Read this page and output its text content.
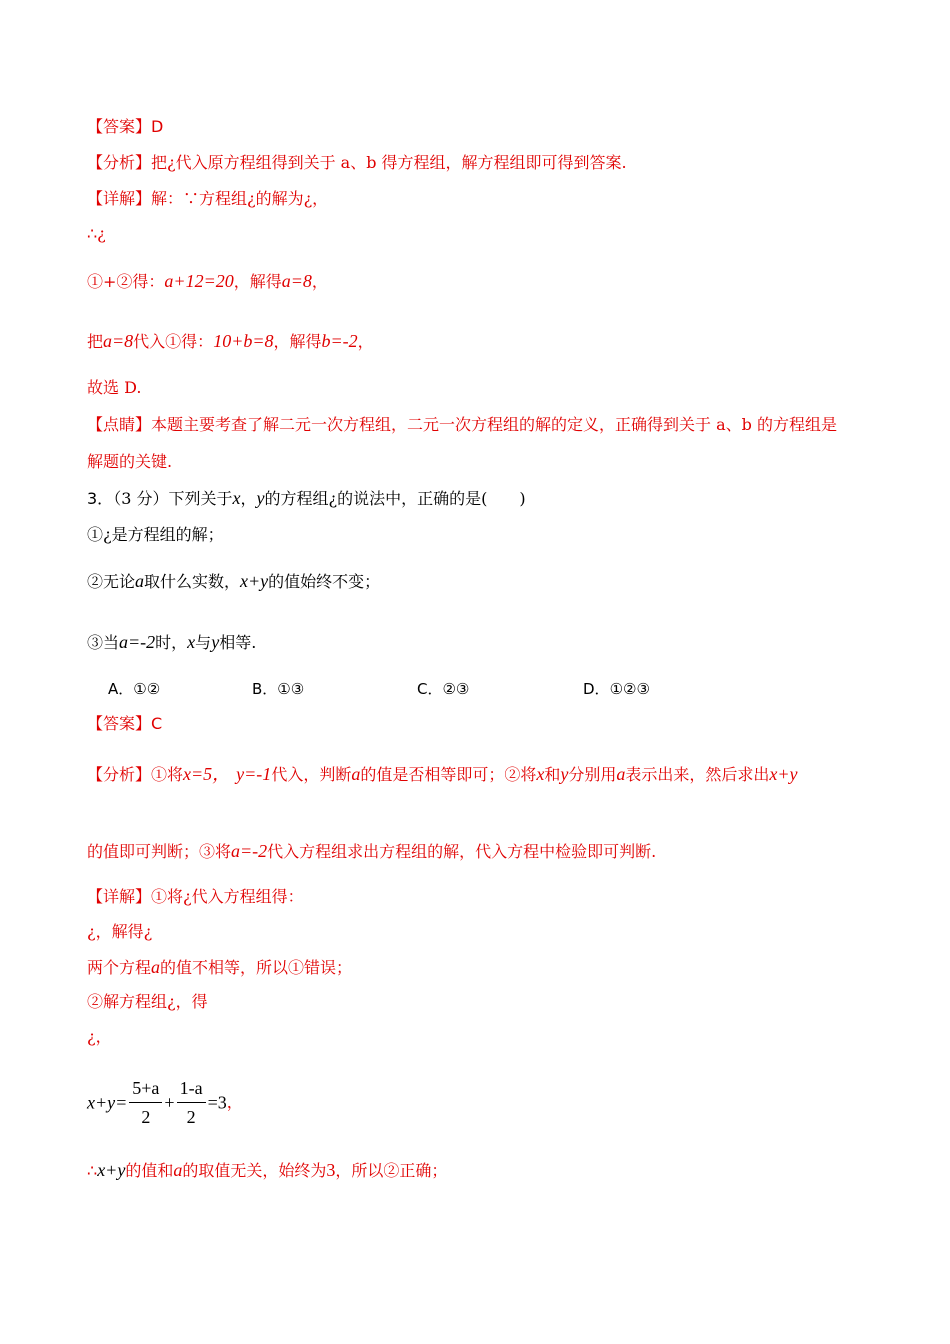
【答案】D
【分析】把¿代入原方程组得到关于 a、b 得方程组，解方程组即可得到答案.
【详解】解：∵方程组¿的解为¿，
∴¿
①+②得：a+12=20，解得a=8，
把a=8代入①得：10+b=8，解得b=-2，
故选 D.
【点睛】本题主要考查了解二元一次方程组，二元一次方程组的解的定义，正确得到关于 a、b 的方程组是
解题的关键.
3．（3 分）下列关于x，y的方程组¿的说法中，正确的是(　　)
①¿是方程组的解；
②无论a取什么实数，x+y的值始终不变；
③当a=-2时，x与y相等.
A．①②	B．①③	C．②③	D．①②③
【答案】C
【分析】①将x=5， y=-1代入，判断a的值是否相等即可；②将x和y分别用a表示出来，然后求出x+y
的值即可判断；③将a=-2代入方程组求出方程组的解，代入方程中检验即可判断.
【详解】①将¿代入方程组得：
¿，解得¿
两个方程a的值不相等，所以①错误；
②解方程组¿，得
¿，
$x+y= \frac{5+a}{2} + \frac{1-a}{2} =3$，
∴x+y的值和a的取值无关，始终为3，所以②正确；
